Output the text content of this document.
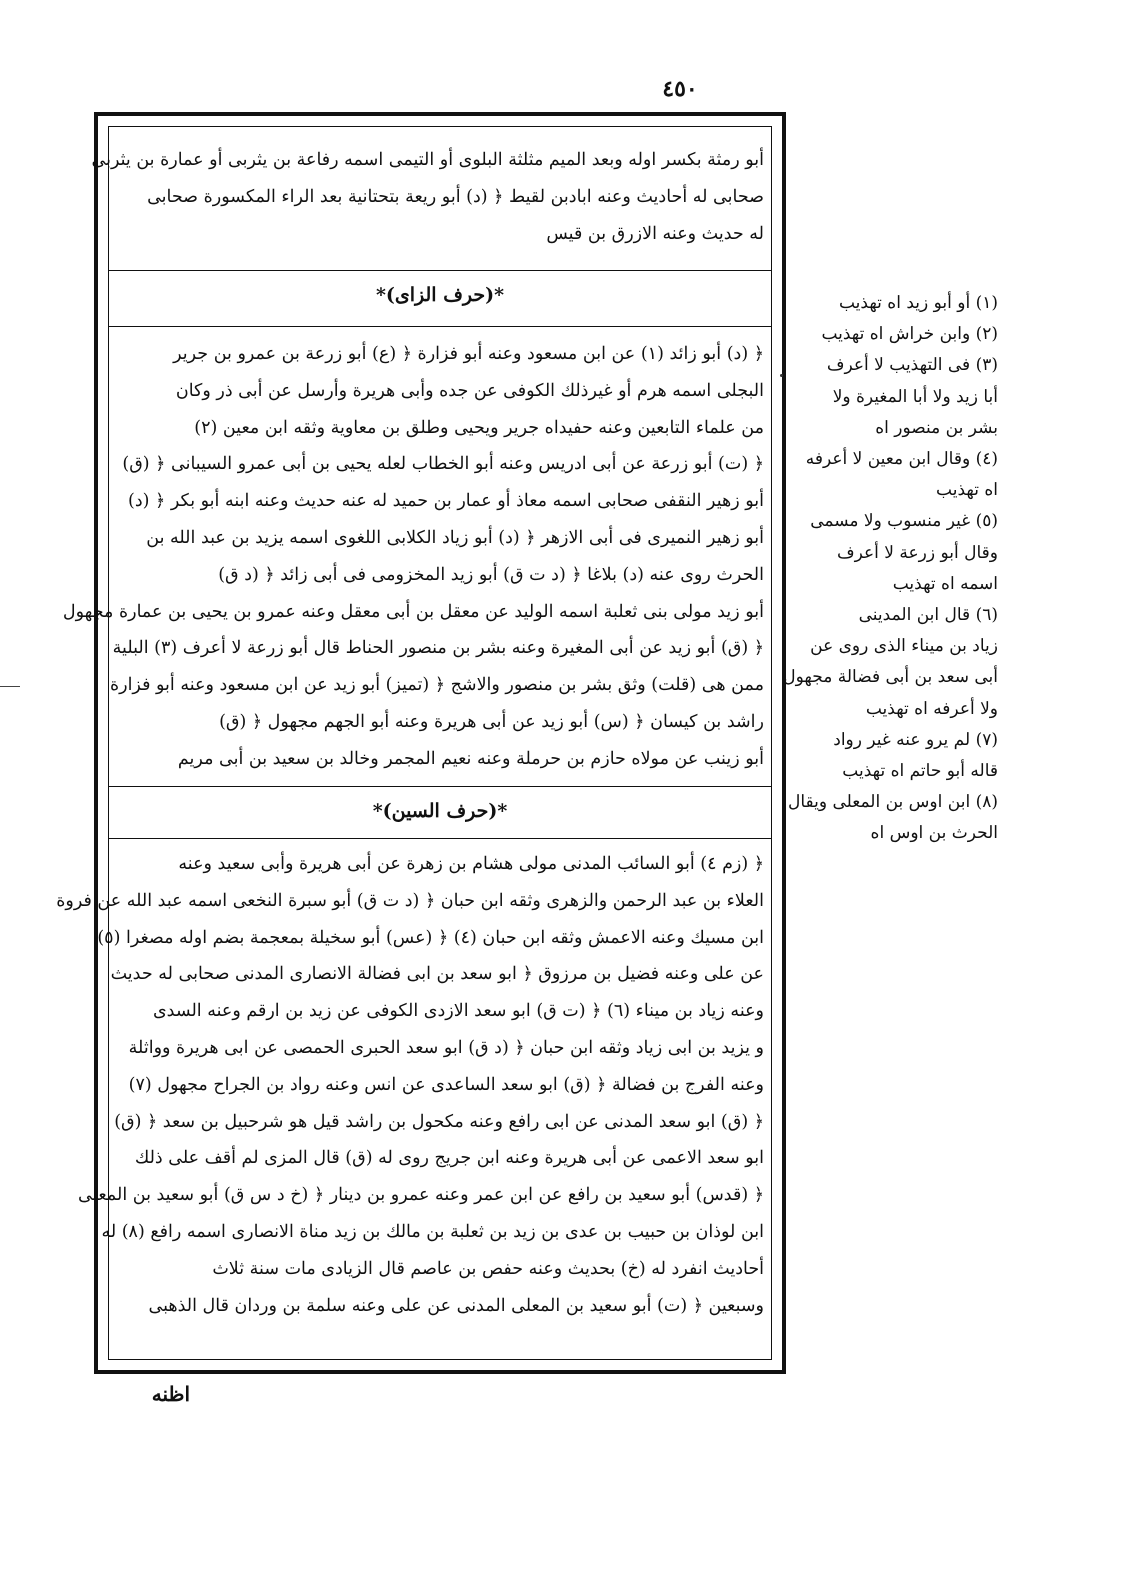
٤٥٠
أبو رمثة بكسر اوله وبعد الميم مثلثة البلوى أو التيمى اسمه رفاعة بن يثربى أو عمارة بن يثربى
صحابى له أحاديث وعنه ابادبن لقيط ﴿ (د) أبو ريعة بتحتانية بعد الراء المكسورة صحابى
له حديث وعنه الازرق بن قيس
*(حرف الزاى)*
﴿ (د) أبو زائد (١) عن ابن مسعود وعنه أبو فزارة ﴿ (ع) أبو زرعة بن عمرو بن جرير
البجلى اسمه هرم أو غيرذلك الكوفى عن جده وأبى هريرة وأرسل عن أبى ذر وكان
من علماء التابعين وعنه حفيداه جرير ويحيى وطلق بن معاوية وثقه ابن معين (٢)
﴿ (ت) أبو زرعة عن أبى ادريس وعنه أبو الخطاب لعله يحيى بن أبى عمرو السيبانى ﴿ (ق)
أبو زهير النقفى صحابى اسمه معاذ أو عمار بن حميد له عنه حديث وعنه ابنه أبو بكر ﴿ (د)
أبو زهير النميرى فى أبى الازهر ﴿ (د) أبو زياد الكلابى اللغوى اسمه يزيد بن عبد الله بن
الحرث روى عنه (د) بلاغا ﴿ (د ت ق) أبو زيد المخزومى فى أبى زائد ﴿ (د ق)
أبو زيد مولى بنى ثعلبة اسمه الوليد عن معقل بن أبى معقل وعنه عمرو بن يحيى بن عمارة مجهول
﴿ (ق) أبو زيد عن أبى المغيرة وعنه بشر بن منصور الحناط قال أبو زرعة لا أعرف (٣) البلية
ممن هى (قلت) وثق بشر بن منصور والاشج ﴿ (تميز) أبو زيد عن ابن مسعود وعنه أبو فزارة
راشد بن كيسان ﴿ (س) أبو زيد عن أبى هريرة وعنه أبو الجهم مجهول ﴿ (ق)
أبو زينب عن مولاه حازم بن حرملة وعنه نعيم المجمر وخالد بن سعيد بن أبى مريم
*(حرف السين)*
﴿ (زم ٤) أبو السائب المدنى مولى هشام بن زهرة عن أبى هريرة وأبى سعيد وعنه
العلاء بن عبد الرحمن والزهرى وثقه ابن حبان ﴿ (د ت ق) أبو سبرة النخعى اسمه عبد الله عن فروة
ابن مسيك وعنه الاعمش وثقه ابن حبان (٤) ﴿ (عس) أبو سخيلة بمعجمة بضم اوله مصغرا (٥)
عن على وعنه فضيل بن مرزوق ﴿ ابو سعد بن ابى فضالة الانصارى المدنى صحابى له حديث
وعنه زياد بن ميناء (٦) ﴿ (ت ق) ابو سعد الازدى الكوفى عن زيد بن ارقم وعنه السدى
و يزيد بن ابى زياد وثقه ابن حبان ﴿ (د ق) ابو سعد الحبرى الحمصى عن ابى هريرة وواثلة
وعنه الفرج بن فضالة ﴿ (ق) ابو سعد الساعدى عن انس وعنه رواد بن الجراح مجهول (٧)
﴿ (ق) ابو سعد المدنى عن ابى رافع وعنه مكحول بن راشد قيل هو شرحبيل بن سعد ﴿ (ق)
ابو سعد الاعمى عن أبى هريرة وعنه ابن جريج روى له (ق) قال المزى لم أقف على ذلك
﴿ (قدس) أبو سعيد بن رافع عن ابن عمر وعنه عمرو بن دينار ﴿ (خ د س ق) أبو سعيد بن المعلى
ابن لوذان بن حبيب بن عدى بن زيد بن ثعلبة بن مالك بن زيد مناة الانصارى اسمه رافع (٨) له
أحاديث انفرد له (خ) بحديث وعنه حفص بن عاصم قال الزيادى مات سنة ثلاث
وسبعين ﴿ (ت) أبو سعيد بن المعلى المدنى عن على وعنه سلمة بن وردان قال الذهبى
(١) أو أبو زيد اه تهذيب
(٢) وابن خراش اه تهذيب
(٣) فى التهذيب لا أعرف
أبا زيد ولا أبا المغيرة ولا
بشر بن منصور اه
(٤) وقال ابن معين لا أعرفه
اه تهذيب
(٥) غير منسوب ولا مسمى
وقال أبو زرعة لا أعرف
اسمه اه تهذيب
(٦) قال ابن المدينى
زياد بن ميناء الذى روى عن
أبى سعد بن أبى فضالة مجهول
ولا أعرفه اه تهذيب
(٧) لم يرو عنه غير رواد
قاله أبو حاتم اه تهذيب
(٨) ابن اوس بن المعلى ويقال
الحرث بن اوس اه
اظنه
